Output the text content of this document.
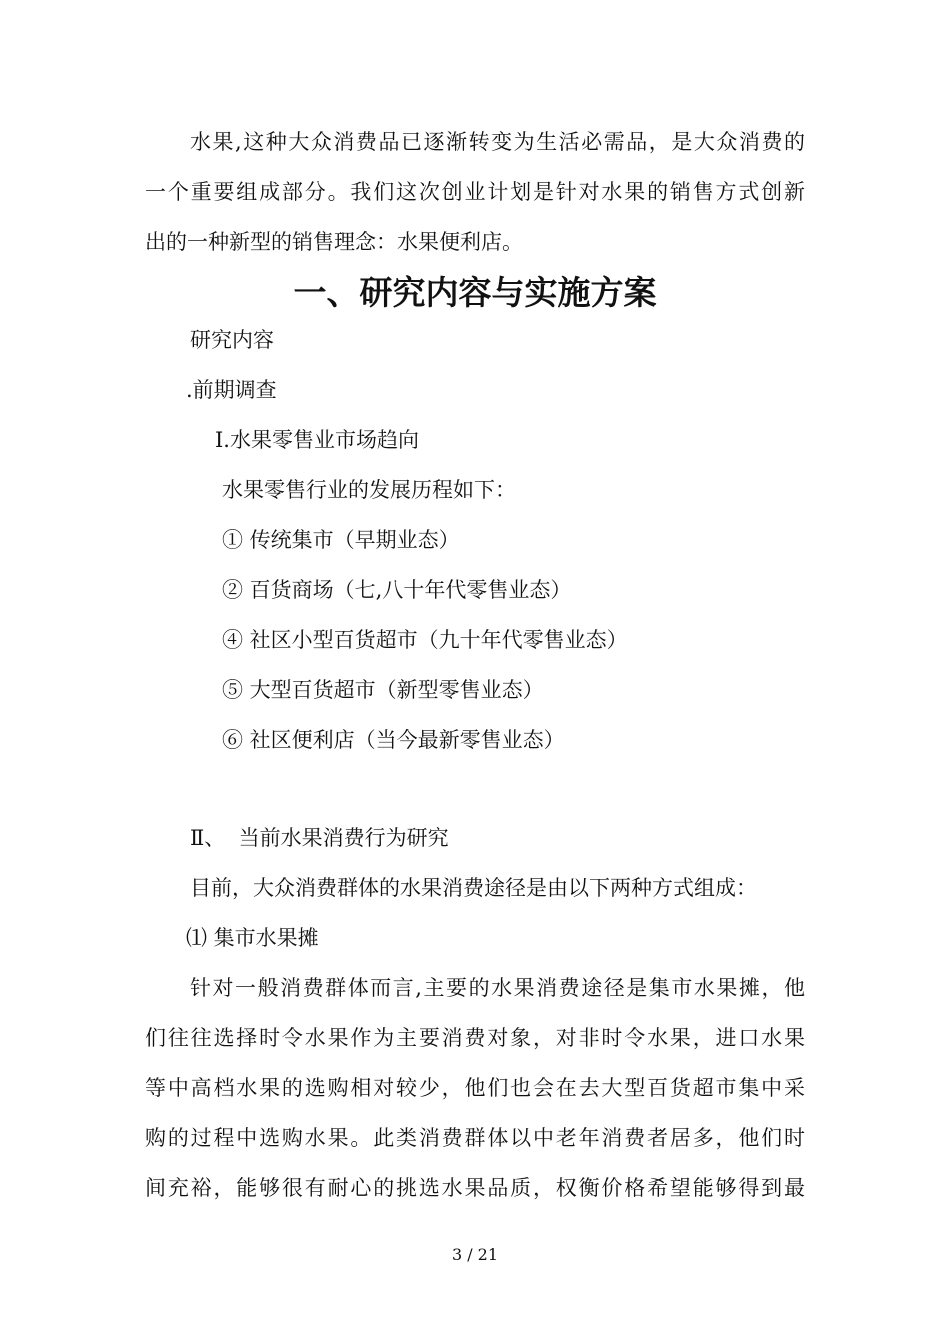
水果,这种大众消费品已逐渐转变为生活必需品，是大众消费的
一个重要组成部分。我们这次创业计划是针对水果的销售方式创新
出的一种新型的销售理念：水果便利店。
一、研究内容与实施方案
研究内容
.前期调查
Ⅰ.水果零售业市场趋向
水果零售行业的发展历程如下：
① 传统集市（早期业态）
② 百货商场（七,八十年代零售业态）
④ 社区小型百货超市（九十年代零售业态）
⑤ 大型百货超市（新型零售业态）
⑥ 社区便利店（当今最新零售业态）
Ⅱ、  当前水果消费行为研究
目前，大众消费群体的水果消费途径是由以下两种方式组成：
⑴ 集市水果摊
针对一般消费群体而言,主要的水果消费途径是集市水果摊，他
们往往选择时令水果作为主要消费对象，对非时令水果，进口水果
等中高档水果的选购相对较少，他们也会在去大型百货超市集中采
购的过程中选购水果。此类消费群体以中老年消费者居多，他们时
间充裕，能够很有耐心的挑选水果品质，权衡价格希望能够得到最
3 / 21
